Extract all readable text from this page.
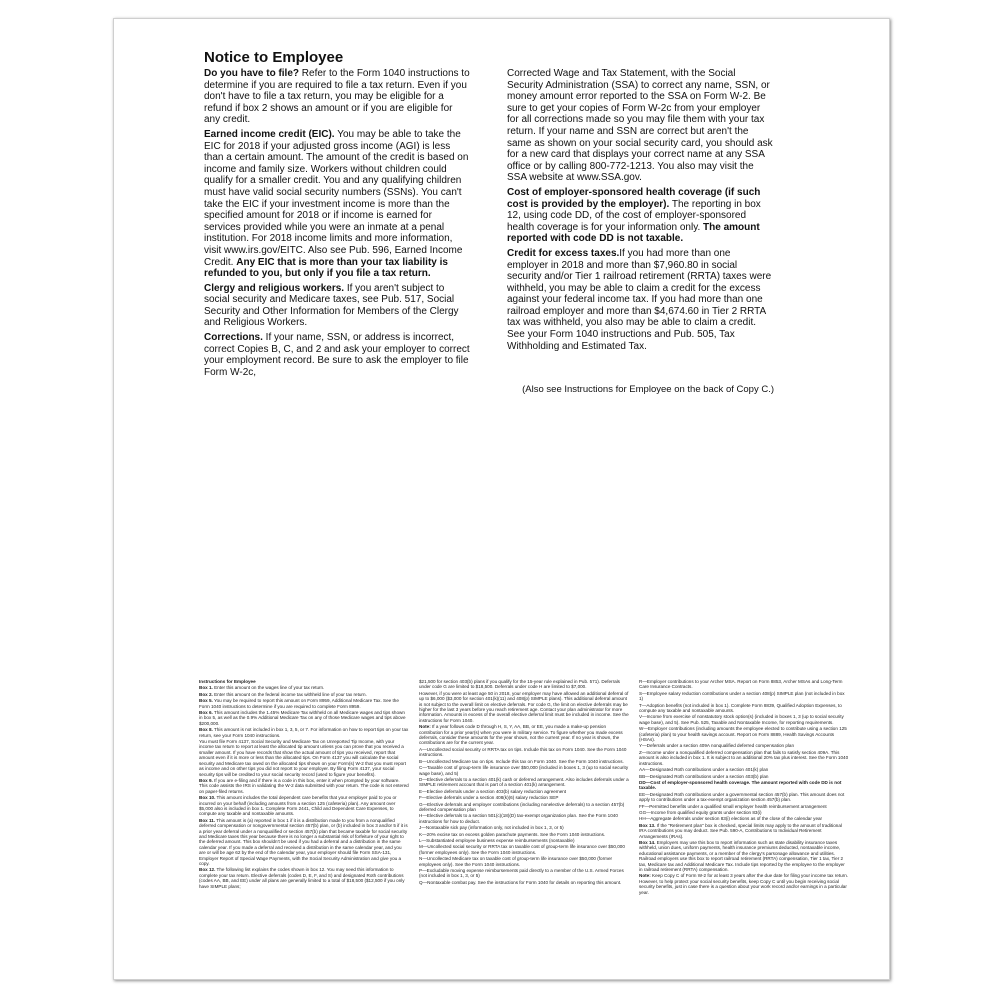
Notice to Employee

Do you have to file? Refer to the Form 1040 instructions to determine if you are required to file a tax return. Even if you don't have to file a tax return, you may be eligible for a refund if box 2 shows an amount or if you are eligible for any credit.

Earned income credit (EIC). You may be able to take the EIC for 2018 if your adjusted gross income (AGI) is less than a certain amount. The amount of the credit is based on income and family size. Workers without children could qualify for a smaller credit. You and any qualifying children must have valid social security numbers (SSNs). You can't take the EIC if your investment income is more than the specified amount for 2018 or if income is earned for services provided while you were an inmate at a penal institution. For 2018 income limits and more information, visit www.irs.gov/EITC. Also see Pub. 596, Earned Income Credit. Any EIC that is more than your tax liability is refunded to you, but only if you file a tax return.

Clergy and religious workers. If you aren't subject to social security and Medicare taxes, see Pub. 517, Social Security and Other Information for Members of the Clergy and Religious Workers.

Corrections. If your name, SSN, or address is incorrect, correct Copies B, C, and 2 and ask your employer to correct your employment record. Be sure to ask the employer to file Form W-2c,

Corrected Wage and Tax Statement, with the Social Security Administration (SSA) to correct any name, SSN, or money amount error reported to the SSA on Form W-2. Be sure to get your copies of Form W-2c from your employer for all corrections made so you may file them with your tax return. If your name and SSN are correct but aren't the same as shown on your social security card, you should ask for a new card that displays your correct name at any SSA office or by calling 800-772-1213. You also may visit the SSA website at www.SSA.gov.

Cost of employer-sponsored health coverage (if such cost is provided by the employer). The reporting in box 12, using code DD, of the cost of employer-sponsored health coverage is for your information only. The amount reported with code DD is not taxable.

Credit for excess taxes.If you had more than one employer in 2018 and more than $7,960.80 in social security and/or Tier 1 railroad retirement (RRTA) taxes were withheld, you may be able to claim a credit for the excess against your federal income tax. If you had more than one railroad employer and more than $4,674.60 in Tier 2 RRTA tax was withheld, you also may be able to claim a credit. See your Form 1040 instructions and Pub. 505, Tax Withholding and Estimated Tax.

(Also see Instructions for Employee on the back of Copy C.)

Instructions for Employee

Box 1. Enter this amount on the wages line of your tax return.

Box 2. Enter this amount on the federal income tax withheld line of your tax return.

Box 5. You may be required to report this amount on Form 8959, Additional Medicare Tax. See the Form 1040 instructions to determine if you are required to complete Form 8959.

Box 6. This amount includes the 1.45% Medicare Tax withheld on all Medicare wages and tips shown in box 5, as well as the 0.9% Additional Medicare Tax on any of those Medicare wages and tips above $200,000.

Box 8. This amount is not included in box 1, 3, 5, or 7. For information on how to report tips on your tax return, see your Form 1040 instructions.

You must file Form 4137, Social Security and Medicare Tax on Unreported Tip Income, with your income tax return to report at least the allocated tip amount unless you can prove that you received a smaller amount. If you have records that show the actual amount of tips you received, report that amount even if it is more or less than the allocated tips. On Form 4137 you will calculate the social security and Medicare tax owed on the allocated tips shown on your Form(s) W-2 that you must report as income and on other tips you did not report to your employer. By filing Form 4137, your social security tips will be credited to your social security record (used to figure your benefits).

Box 9. If you are e-filing and if there is a code in this box, enter it when prompted by your software. This code assists the IRS in validating the W-2 data submitted with your return. The code is not entered on paper-filed returns.

Box 10. This amount includes the total dependent care benefits that your employer paid to you or incurred on your behalf (including amounts from a section 125 (cafeteria) plan). Any amount over $5,000 also is included in box 1. Complete Form 2441, Child and Dependent Care Expenses, to compute any taxable and nontaxable amounts.

Box 11. This amount is (a) reported in box 1 if it is a distribution made to you from a nonqualified deferred compensation or nongovernmental section 457(b) plan, or (b) included in box 3 and/or 5 if it is a prior year deferral under a nonqualified or section 457(b) plan that became taxable for social security and Medicare taxes this year because there is no longer a substantial risk of forfeiture of your right to the deferred amount. This box shouldn't be used if you had a deferral and a distribution in the same calendar year. If you made a deferral and received a distribution in the same calendar year, and you are or will be age 62 by the end of the calendar year, your employer should file Form SSA-131, Employer Report of Special Wage Payments, with the Social Security Administration and give you a copy.

Box 12. The following list explains the codes shown in box 12. You may need this information to complete your tax return. Elective deferrals (codes D, E, F, and S) and designated Roth contributions (codes AA, BB, and EE) under all plans are generally limited to a total of $18,500 ($12,500 if you only have SIMPLE plans;

$21,500 for section 403(b) plans if you qualify for the 15-year rule explained in Pub. 571). Deferrals under code G are limited to $18,500. Deferrals under code H are limited to $7,000.

However, if you were at least age 50 in 2018, your employer may have allowed an additional deferral of up to $6,000 ($3,000 for section 401(k)(11) and 408(p) SIMPLE plans). This additional deferral amount is not subject to the overall limit on elective deferrals. For code G, the limit on elective deferrals may be higher for the last 3 years before you reach retirement age. Contact your plan administrator for more information. Amounts in excess of the overall elective deferral limit must be included in income. See the instructions for Form 1040.

Note: If a year follows code D through H, S, Y, AA, BB, or EE, you made a make-up pension contribution for a prior year(s) when you were in military service. To figure whether you made excess deferrals, consider these amounts for the year shown, not the current year. If no year is shown, the contributions are for the current year.

A—Uncollected social security or RRTA tax on tips. Include this tax on Form 1040. See the Form 1040 instructions.

B—Uncollected Medicare tax on tips. Include this tax on Form 1040. See the Form 1040 instructions.

C—Taxable cost of group-term life insurance over $50,000 (included in boxes 1, 3 (up to social security wage base), and 5)

D—Elective deferrals to a section 401(k) cash or deferred arrangement. Also includes deferrals under a SIMPLE retirement account that is part of a section 401(k) arrangement.

E—Elective deferrals under a section 403(b) salary reduction agreement

F—Elective deferrals under a section 408(k)(6) salary reduction SEP

G—Elective deferrals and employer contributions (including nonelective deferrals) to a section 457(b) deferred compensation plan

H—Elective deferrals to a section 501(c)(18)(D) tax-exempt organization plan. See the Form 1040 instructions for how to deduct.

J—Nontaxable sick pay (information only, not included in box 1, 3, or 5)

K—20% excise tax on excess golden parachute payments. See the Form 1040 instructions.

L—Substantiated employee business expense reimbursements (nontaxable)

M—Uncollected social security or RRTA tax on taxable cost of group-term life insurance over $50,000 (former employees only). See the Form 1040 instructions.

N—Uncollected Medicare tax on taxable cost of group-term life insurance over $50,000 (former employees only). See the Form 1040 instructions.

P—Excludable moving expense reimbursements paid directly to a member of the U.S. Armed Forces (not included in box 1, 3, or 5)

Q—Nontaxable combat pay. See the instructions for Form 1040 for details on reporting this amount.

R—Employer contributions to your Archer MSA. Report on Form 8853, Archer MSAs and Long-Term Care Insurance Contracts.

S—Employee salary reduction contributions under a section 408(p) SIMPLE plan (not included in box 1)

T—Adoption benefits (not included in box 1). Complete Form 8839, Qualified Adoption Expenses, to compute any taxable and nontaxable amounts.

V—Income from exercise of nonstatutory stock option(s) (included in boxes 1, 3 (up to social security wage base), and 5). See Pub. 525, Taxable and Nontaxable Income, for reporting requirements.

W—Employer contributions (including amounts the employee elected to contribute using a section 125 (cafeteria) plan) to your health savings account. Report on Form 8889, Health Savings Accounts (HSAs).

Y—Deferrals under a section 409A nonqualified deferred compensation plan

Z—Income under a nonqualified deferred compensation plan that fails to satisfy section 409A. This amount is also included in box 1. It is subject to an additional 20% tax plus interest. See the Form 1040 instructions.

AA—Designated Roth contributions under a section 401(k) plan

BB—Designated Roth contributions under a section 403(b) plan

DD—Cost of employer-sponsored health coverage. The amount reported with code DD is not taxable.

EE—Designated Roth contributions under a governmental section 457(b) plan. This amount does not apply to contributions under a tax-exempt organization section 457(b) plan.

FF—Permitted benefits under a qualified small employer health reimbursement arrangement

GG—Income from qualified equity grants under section 83(i)

HH—Aggregate deferrals under section 83(i) elections as of the close of the calendar year

Box 13. If the "Retirement plan" box is checked, special limits may apply to the amount of traditional IRA contributions you may deduct. See Pub. 590-A, Contributions to Individual Retirement Arrangements (IRAs).

Box 14. Employers may use this box to report information such as state disability insurance taxes withheld, union dues, uniform payments, health insurance premiums deducted, nontaxable income, educational assistance payments, or a member of the clergy's parsonage allowance and utilities. Railroad employers use this box to report railroad retirement (RRTA) compensation, Tier 1 tax, Tier 2 tax, Medicare tax and Additional Medicare Tax. Include tips reported by the employee to the employer in railroad retirement (RRTA) compensation.

Note: Keep Copy C of Form W-2 for at least 3 years after the due date for filing your income tax return. However, to help protect your social security benefits, keep Copy C until you begin receiving social security benefits, just in case there is a question about your work record and/or earnings in a particular year.
